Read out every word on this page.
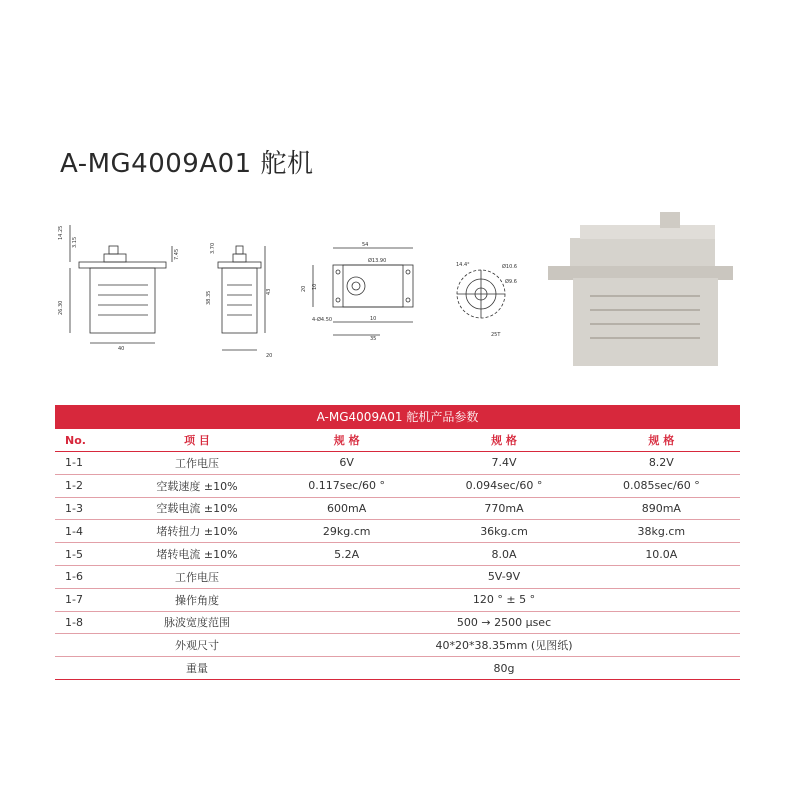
A-MG4009A01 舵机
14.25
3.15
7.45
26.30
40
3.70
38.35	43
20
54
Ø13.90
20 10
4-Ø4.50	10
35
Ø10.6
Ø9.6
25T
14.4°
A-MG4009A01 舵机产品参数
No.	项 目	规 格	规 格	规 格
1-1	工作电压	6V	7.4V	8.2V
1-2	空载速度 ±10%	0.117sec/60 °	0.094sec/60 °	0.085sec/60 °
1-3	空载电流 ±10%	600mA	770mA	890mA
1-4	堵转扭力 ±10%	29kg.cm	36kg.cm	38kg.cm
1-5	堵转电流 ±10%	5.2A	8.0A	10.0A
1-6	工作电压	5V-9V		
1-7	操作角度	120 ° ± 5 °		
1-8	脉波宽度范围	500 → 2500 µsec		
	外观尺寸	40*20*38.35mm (见图纸)		
	重量	80g		
